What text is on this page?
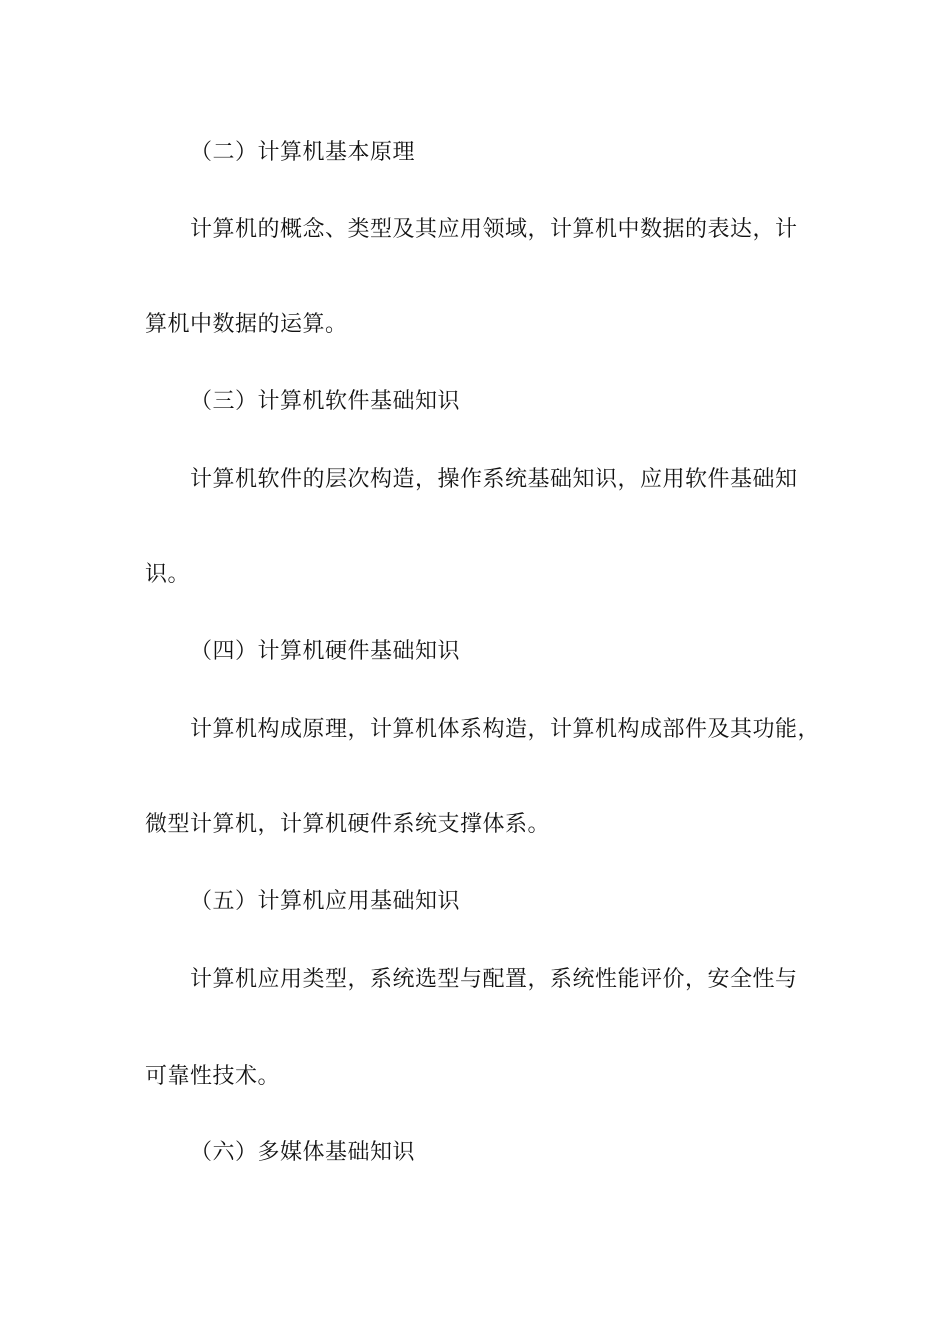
（二）计算机基本原理
计算机的概念、类型及其应用领域，计算机中数据的表达，计
算机中数据的运算。
（三）计算机软件基础知识
计算机软件的层次构造，操作系统基础知识，应用软件基础知
识。
（四）计算机硬件基础知识
计算机构成原理，计算机体系构造，计算机构成部件及其功能，
微型计算机，计算机硬件系统支撑体系。
（五）计算机应用基础知识
计算机应用类型，系统选型与配置，系统性能评价，安全性与
可靠性技术。
（六）多媒体基础知识
